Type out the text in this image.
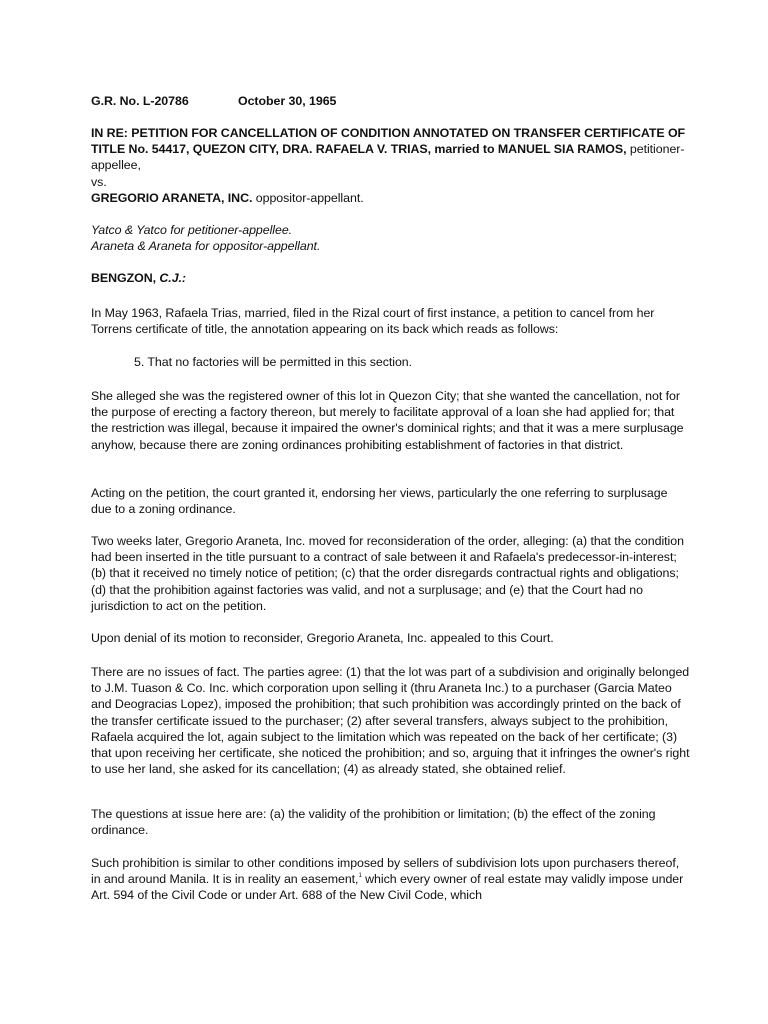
G.R. No. L-20786	October 30, 1965

IN RE: PETITION FOR CANCELLATION OF CONDITION ANNOTATED ON TRANSFER CERTIFICATE OF TITLE No. 54417, QUEZON CITY, DRA. RAFAELA V. TRIAS, married to MANUEL SIA RAMOS, petitioner-appellee,
vs.
GREGORIO ARANETA, INC. oppositor-appellant.

Yatco & Yatco for petitioner-appellee.
Araneta & Araneta for oppositor-appellant.

BENGZON, C.J.:

In May 1963, Rafaela Trias, married, filed in the Rizal court of first instance, a petition to cancel from her Torrens certificate of title, the annotation appearing on its back which reads as follows:

5. That no factories will be permitted in this section.

She alleged she was the registered owner of this lot in Quezon City; that she wanted the cancellation, not for the purpose of erecting a factory thereon, but merely to facilitate approval of a loan she had applied for; that the restriction was illegal, because it impaired the owner's dominical rights; and that it was a mere surplusage anyhow, because there are zoning ordinances prohibiting establishment of factories in that district.

Acting on the petition, the court granted it, endorsing her views, particularly the one referring to surplusage due to a zoning ordinance.

Two weeks later, Gregorio Araneta, Inc. moved for reconsideration of the order, alleging: (a) that the condition had been inserted in the title pursuant to a contract of sale between it and Rafaela's predecessor-in-interest; (b) that it received no timely notice of petition; (c) that the order disregards contractual rights and obligations; (d) that the prohibition against factories was valid, and not a surplusage; and (e) that the Court had no jurisdiction to act on the petition.

Upon denial of its motion to reconsider, Gregorio Araneta, Inc. appealed to this Court.

There are no issues of fact. The parties agree: (1) that the lot was part of a subdivision and originally belonged to J.M. Tuason & Co. Inc. which corporation upon selling it (thru Araneta Inc.) to a purchaser (Garcia Mateo and Deogracias Lopez), imposed the prohibition; that such prohibition was accordingly printed on the back of the transfer certificate issued to the purchaser; (2) after several transfers, always subject to the prohibition, Rafaela acquired the lot, again subject to the limitation which was repeated on the back of her certificate; (3) that upon receiving her certificate, she noticed the prohibition; and so, arguing that it infringes the owner's right to use her land, she asked for its cancellation; (4) as already stated, she obtained relief.

The questions at issue here are: (a) the validity of the prohibition or limitation; (b) the effect of the zoning ordinance.

Such prohibition is similar to other conditions imposed by sellers of subdivision lots upon purchasers thereof, in and around Manila. It is in reality an easement,$^1$ which every owner of real estate may validly impose under Art. 594 of the Civil Code or under Art. 688 of the New Civil Code, which
